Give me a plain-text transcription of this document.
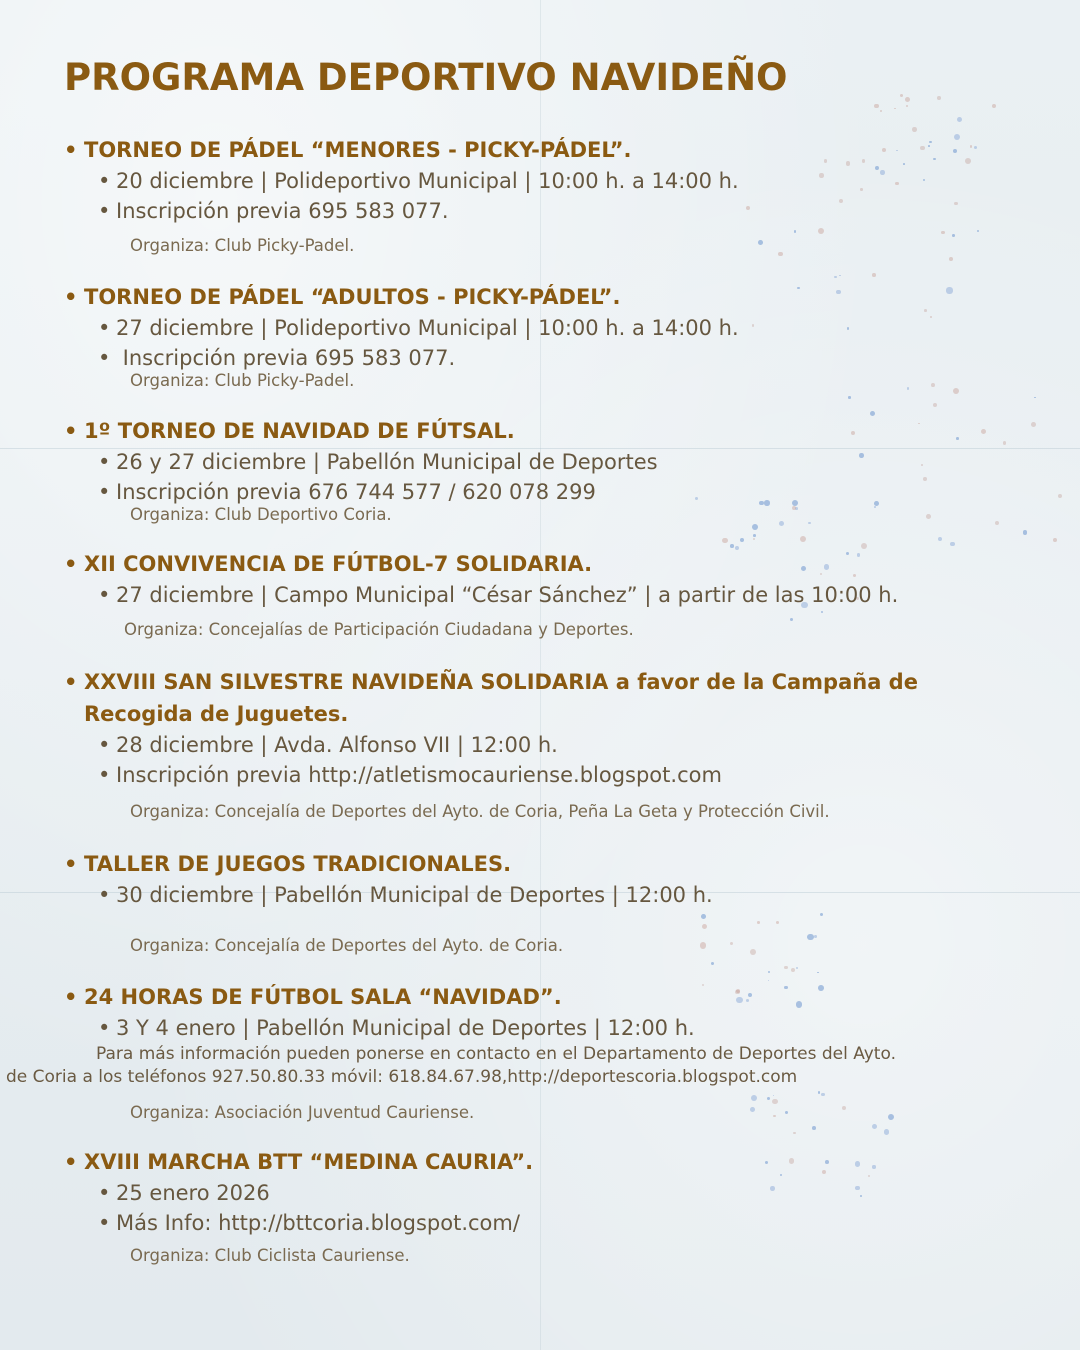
PROGRAMA DEPORTIVO NAVIDEÑO
• TORNEO DE PÁDEL “MENORES - PICKY-PÁDEL”.
• 20 diciembre | Polideportivo Municipal | 10:00 h. a 14:00 h.
• Inscripción previa 695 583 077.
Organiza: Club Picky-Padel.
• TORNEO DE PÁDEL “ADULTOS - PICKY-PÁDEL”.
• 27 diciembre | Polideportivo Municipal | 10:00 h. a 14:00 h.
• Inscripción previa 695 583 077.
Organiza: Club Picky-Padel.
• 1º TORNEO DE NAVIDAD DE FÚTSAL.
• 26 y 27 diciembre | Pabellón Municipal de Deportes
• Inscripción previa 676 744 577 / 620 078 299
Organiza: Club Deportivo Coria.
• XII CONVIVENCIA DE FÚTBOL-7 SOLIDARIA.
• 27 diciembre | Campo Municipal “César Sánchez” | a partir de las 10:00 h.
Organiza: Concejalías de Participación Ciudadana y Deportes.
• XXVIII SAN SILVESTRE NAVIDEÑA SOLIDARIA a favor de la Campaña de Recogida de Juguetes.
• 28 diciembre | Avda. Alfonso VII | 12:00 h.
• Inscripción previa http://atletismocauriense.blogspot.com
Organiza: Concejalía de Deportes del Ayto. de Coria, Peña La Geta y Protección Civil.
• TALLER DE JUEGOS TRADICIONALES.
• 30 diciembre | Pabellón Municipal de Deportes | 12:00 h.
Organiza: Concejalía de Deportes del Ayto. de Coria.
• 24 HORAS DE FÚTBOL SALA “NAVIDAD”.
• 3 Y 4 enero | Pabellón Municipal de Deportes | 12:00 h.
Para más información pueden ponerse en contacto en el Departamento de Deportes del Ayto.
de Coria a los teléfonos 927.50.80.33 móvil: 618.84.67.98,http://deportescoria.blogspot.com
Organiza: Asociación Juventud Cauriense.
• XVIII MARCHA BTT “MEDINA CAURIA”.
• 25 enero 2026
• Más Info: http://bttcoria.blogspot.com/
Organiza: Club Ciclista Cauriense.
